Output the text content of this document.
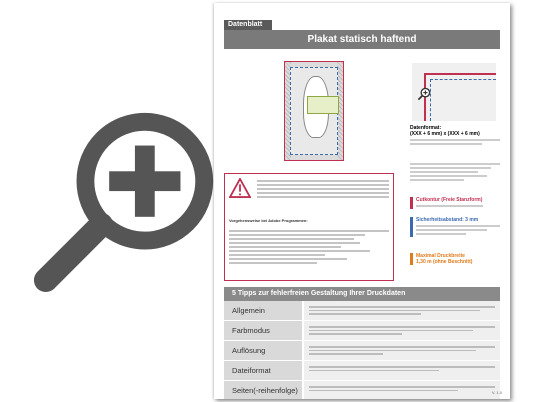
Datenblatt
Plakat statisch haftend
Vorgehensweise bei Adobe Programmen:
Datenformat:
(XXX + 6 mm) x (XXX + 6 mm)
Cutkontur (Freie Stanzform)
Sicherheitsabstand: 3 mm
Maximal Druckbreite
1,30 m (ohne Beschnitt)
5 Tipps zur fehlerfreien Gestaltung Ihrer Druckdaten
Allgemein
Farbmodus
Auflösung
Dateiformat
Seiten(-reihenfolge)	V. 1.0
